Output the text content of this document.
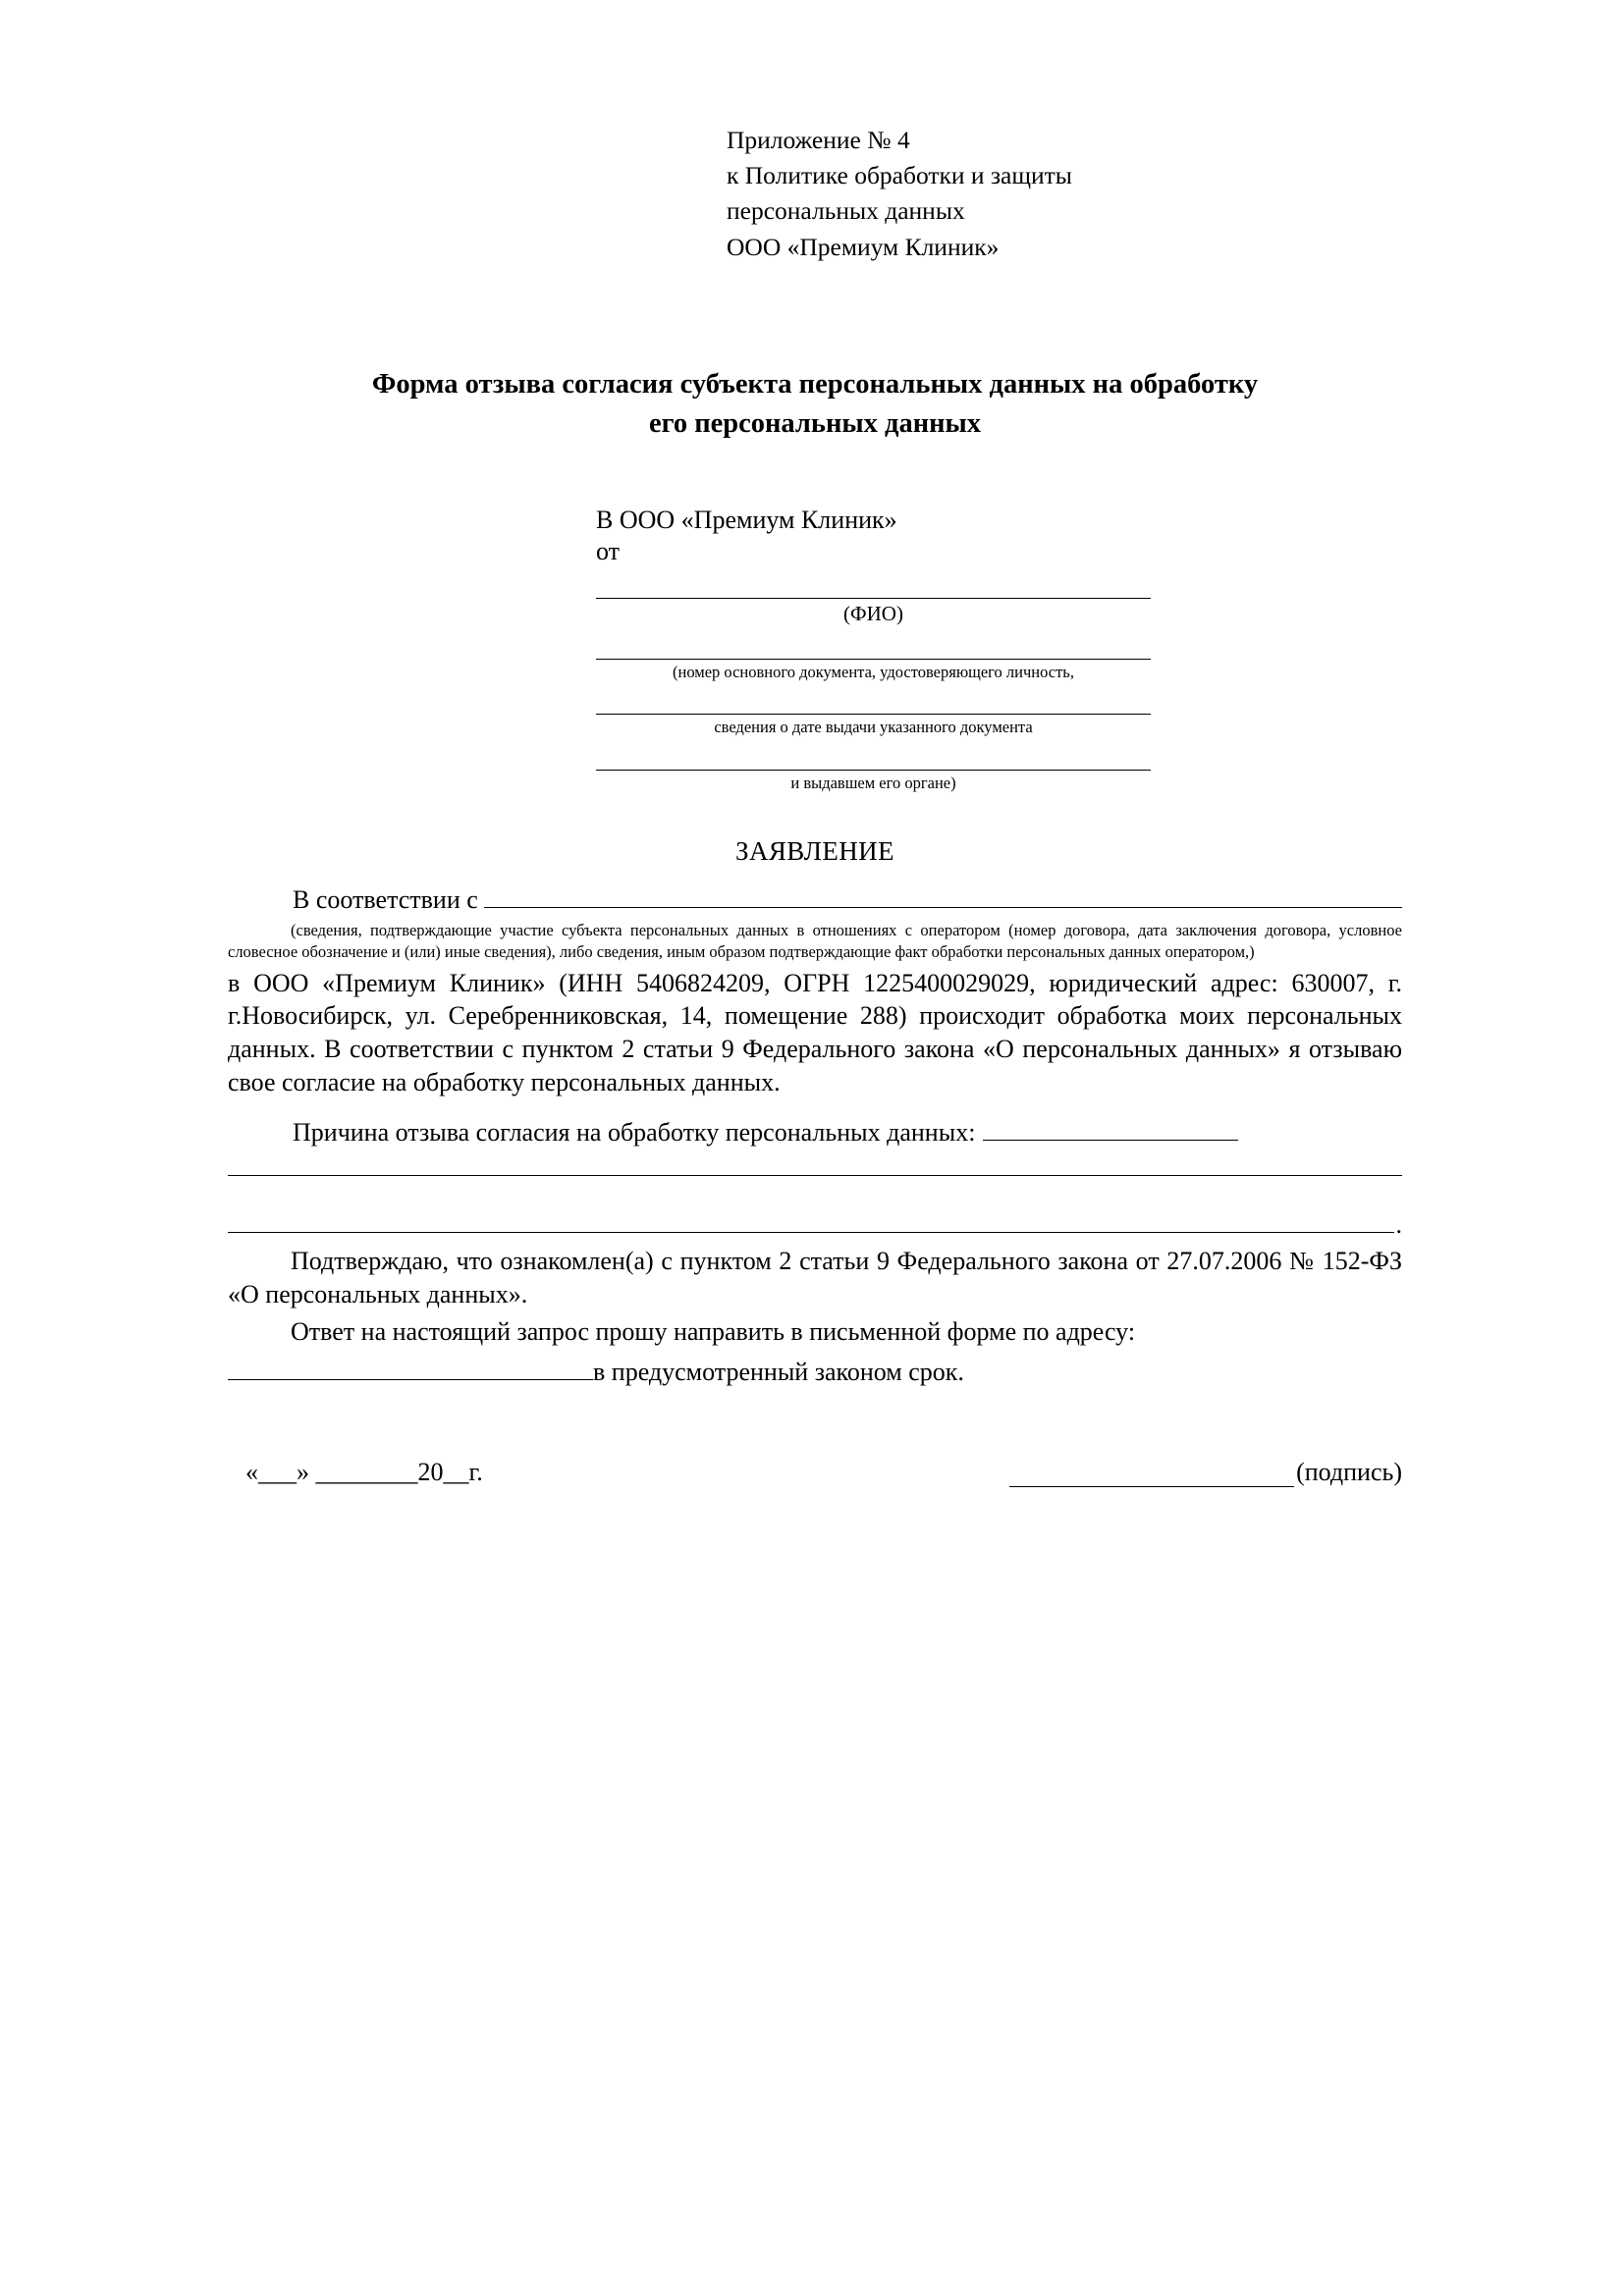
Приложение № 4
к Политике обработки и защиты
персональных данных
ООО «Премиум Клиник»
Форма отзыва согласия субъекта персональных данных на обработку
его персональных данных
В ООО «Премиум Клиник»
от
(ФИО)
(номер основного документа, удостоверяющего личность,
сведения о дате выдачи указанного документа
и выдавшем его органе)
ЗАЯВЛЕНИЕ
В соответствии с
(сведения, подтверждающие участие субъекта персональных данных в отношениях с оператором (номер договора, дата заключения договора, условное словесное обозначение и (или) иные сведения), либо сведения, иным образом подтверждающие факт обработки персональных данных оператором,)
в ООО «Премиум Клиник» (ИНН 5406824209, ОГРН 1225400029029, юридический адрес: 630007, г. г.Новосибирск, ул. Серебренниковская, 14, помещение 288) происходит обработка моих персональных данных. В соответствии с пунктом 2 статьи 9 Федерального закона «О персональных данных» я отзываю свое согласие на обработку персональных данных.
Причина отзыва согласия на обработку персональных данных:
.
Подтверждаю, что ознакомлен(а) с пунктом 2 статьи 9 Федерального закона от 27.07.2006 № 152-ФЗ «О персональных данных».
Ответ на настоящий запрос прошу направить в письменной форме по адресу:
в предусмотренный законом срок.
«___» ________20__г.	(подпись)
